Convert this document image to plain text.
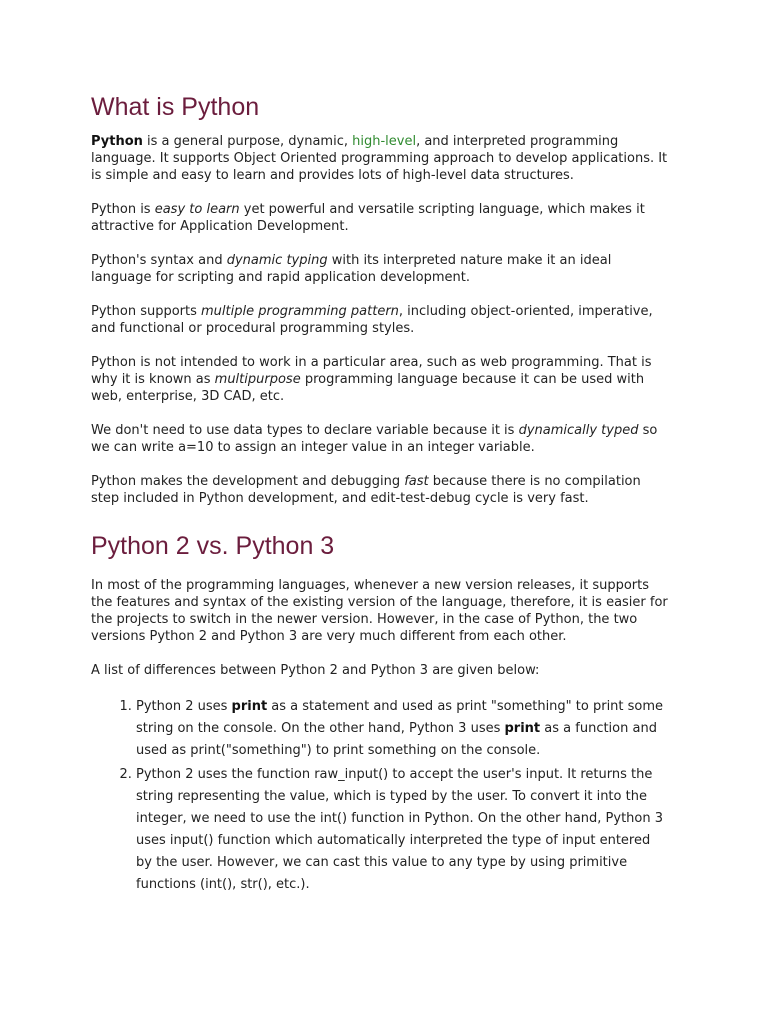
What is Python

Python is a general purpose, dynamic, high-level, and interpreted programming language. It supports Object Oriented programming approach to develop applications. It is simple and easy to learn and provides lots of high-level data structures.

Python is easy to learn yet powerful and versatile scripting language, which makes it attractive for Application Development.

Python's syntax and dynamic typing with its interpreted nature make it an ideal language for scripting and rapid application development.

Python supports multiple programming pattern, including object-oriented, imperative, and functional or procedural programming styles.

Python is not intended to work in a particular area, such as web programming. That is why it is known as multipurpose programming language because it can be used with web, enterprise, 3D CAD, etc.

We don't need to use data types to declare variable because it is dynamically typed so we can write a=10 to assign an integer value in an integer variable.

Python makes the development and debugging fast because there is no compilation step included in Python development, and edit-test-debug cycle is very fast.

Python 2 vs. Python 3

In most of the programming languages, whenever a new version releases, it supports the features and syntax of the existing version of the language, therefore, it is easier for the projects to switch in the newer version. However, in the case of Python, the two versions Python 2 and Python 3 are very much different from each other.

A list of differences between Python 2 and Python 3 are given below:

1. Python 2 uses print as a statement and used as print "something" to print some string on the console. On the other hand, Python 3 uses print as a function and used as print("something") to print something on the console.
2. Python 2 uses the function raw_input() to accept the user's input. It returns the string representing the value, which is typed by the user. To convert it into the integer, we need to use the int() function in Python. On the other hand, Python 3 uses input() function which automatically interpreted the type of input entered by the user. However, we can cast this value to any type by using primitive functions (int(), str(), etc.).
